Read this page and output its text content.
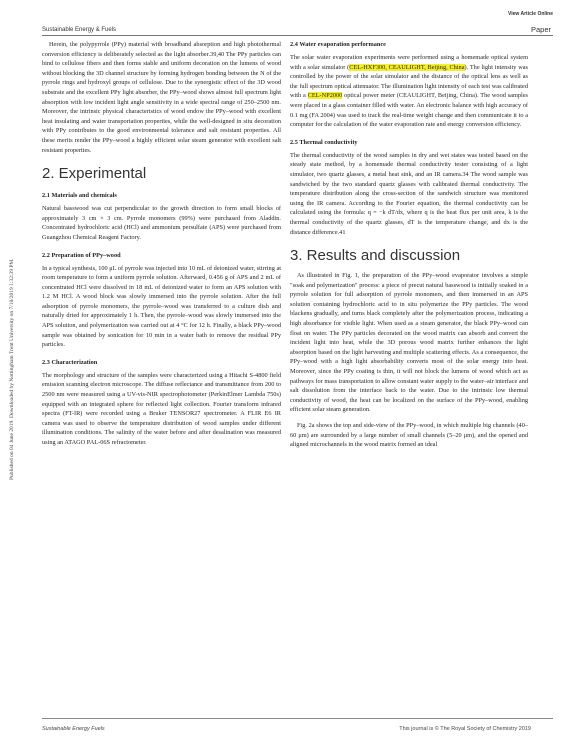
View Article Online
Sustainable Energy & Fuels	Paper
Published on 04 June 2019. Downloaded by Nottingham Trent University on 7/18/2019 1:32:39 PM.

Herein, the polypyrrole (PPy) material with broadband absorption and high photothermal conversion efficiency is deliberately selected as the light absorber.39,40 The PPy particles can bind to cellulose fibers and then forms stable and uniform decoration on the lumens of wood without blocking the 3D channel structure by forming hydrogen bonding between the N of the pyrrole rings and hydroxyl groups of cellulose. Due to the synergistic effect of the 3D wood substrate and the excellent PPy light absorber, the PPy–wood shows almost full spectrum light absorption with low incident light angle sensitivity in a wide spectral range of 250–2500 nm. Moreover, the intrinsic physical characteristics of wood endow the PPy–wood with excellent heat insulating and water transportation properties, while the well-designed in situ decoration with PPy contributes to the good environmental tolerance and salt resistant properties. All these merits render the PPy–wood a highly efficient solar steam generator with excellent salt resistant properties.

2. Experimental
2.1 Materials and chemicals

Natural basswood was cut perpendicular to the growth direction to form small blocks of approximately 3 cm × 3 cm. Pyrrole monomers (99%) were purchased from Aladdin. Concentrated hydrochloric acid (HCl) and ammonium persulfate (APS) were purchased from Guangzhou Chemical Reagent Factory.

2.2 Preparation of PPy–wood

In a typical synthesis, 100 μL of pyrrole was injected into 10 mL of deionized water, stirring at room temperature to form a uniform pyrrole solution. Afterward, 0.456 g of APS and 2 mL of concentrated HCl were dissolved in 18 mL of deionized water to form an APS solution with 1.2 M HCl. A wood block was slowly immersed into the pyrrole solution. After the full adsorption of pyrrole monomers, the pyrrole–wood was transferred to a culture dish and naturally dried for approximately 1 h. Then, the pyrrole–wood was slowly immersed into the APS solution, and polymerization was carried out at 4 °C for 12 h. Finally, a black PPy–wood sample was obtained by sonication for 10 min in a water bath to remove the residual PPy particles.

2.3 Characterization

The morphology and structure of the samples were characterized using a Hitachi S-4800 field emission scanning electron microscope. The diffuse reflectance and transmittance from 200 to 2500 nm were measured using a UV-vis-NIR spectrophotometer (PerkinElmer Lambda 750s) equipped with an integrated sphere for reflected light collection. Fourier transform infrared spectra (FT-IR) were recorded using a Bruker TENSOR27 spectrometer. A FLIR E6 IR camera was used to observe the temperature distribution of wood samples under different illumination conditions. The salinity of the water before and after desalination was measured using an ATAGO PAL-06S refractometer.

2.4 Water evaporation performance

The solar water evaporation experiments were performed using a homemade optical system with a solar simulator (CEL-HXF300, CEAULIGHT, Beijing, China). The light intensity was controlled by the power of the solar simulator and the distance of the optical lens as well as the full spectrum optical attenuator. The illumination light intensity of each test was calibrated with a CEL-NP2000 optical power meter (CEAULIGHT, Beijing, China). The wood samples were placed in a glass container filled with water. An electronic balance with high accuracy of 0.1 mg (FA 2004) was used to track the real-time weight change and then communicate it to a computer for the calculation of the water evaporation rate and energy conversion efficiency.

2.5 Thermal conductivity

The thermal conductivity of the wood samples in dry and wet states was tested based on the steady state method, by a homemade thermal conductivity tester consisting of a light simulator, two quartz glasses, a metal heat sink, and an IR camera.34 The wood sample was sandwiched by the two standard quartz glasses with calibrated thermal conductivity. The temperature distribution along the cross-section of the sandwich structure was monitored using the IR camera. According to the Fourier equation, the thermal conductivity can be calculated using the formula: q = −k dT/dx, where q is the heat flux per unit area, k is the thermal conductivity of the quartz glasses, dT is the temperature change, and dx is the distance difference.41

3. Results and discussion

As illustrated in Fig. 1, the preparation of the PPy–wood evaporator involves a simple "soak and polymerization" process: a piece of precut natural basswood is initially soaked in a pyrrole solution for full adsorption of pyrrole monomers, and then immersed in an APS solution containing hydrochloric acid to in situ polymerize the PPy particles. The wood blackens gradually, and turns black completely after the polymerization process, indicating a high absorbance for visible light. When used as a steam generator, the black PPy–wood can float on water. The PPy particles decorated on the wood matrix can absorb and convert the incident light into heat, while the 3D porous wood matrix further enhances the light absorption based on the light harvesting and multiple scattering effects. As a consequence, the PPy–wood with a high light absorbability converts most of the solar energy into heat. Moreover, since the PPy coating is thin, it will not block the lumens of wood which act as pathways for mass transportation to allow constant water supply to the water–air interface and salt dissolution from the interface back to the water. Due to the intrinsic low thermal conductivity of wood, the heat can be localized on the surface of the PPy–wood, enabling efficient solar steam generation.

Fig. 2a shows the top and side-view of the PPy–wood, in which multiple big channels (40–60 μm) are surrounded by a large number of small channels (5–20 μm), and the opened and aligned microchannels in the wood matrix formed an ideal

Sustainable Energy Fuels	This journal is © The Royal Society of Chemistry 2019
